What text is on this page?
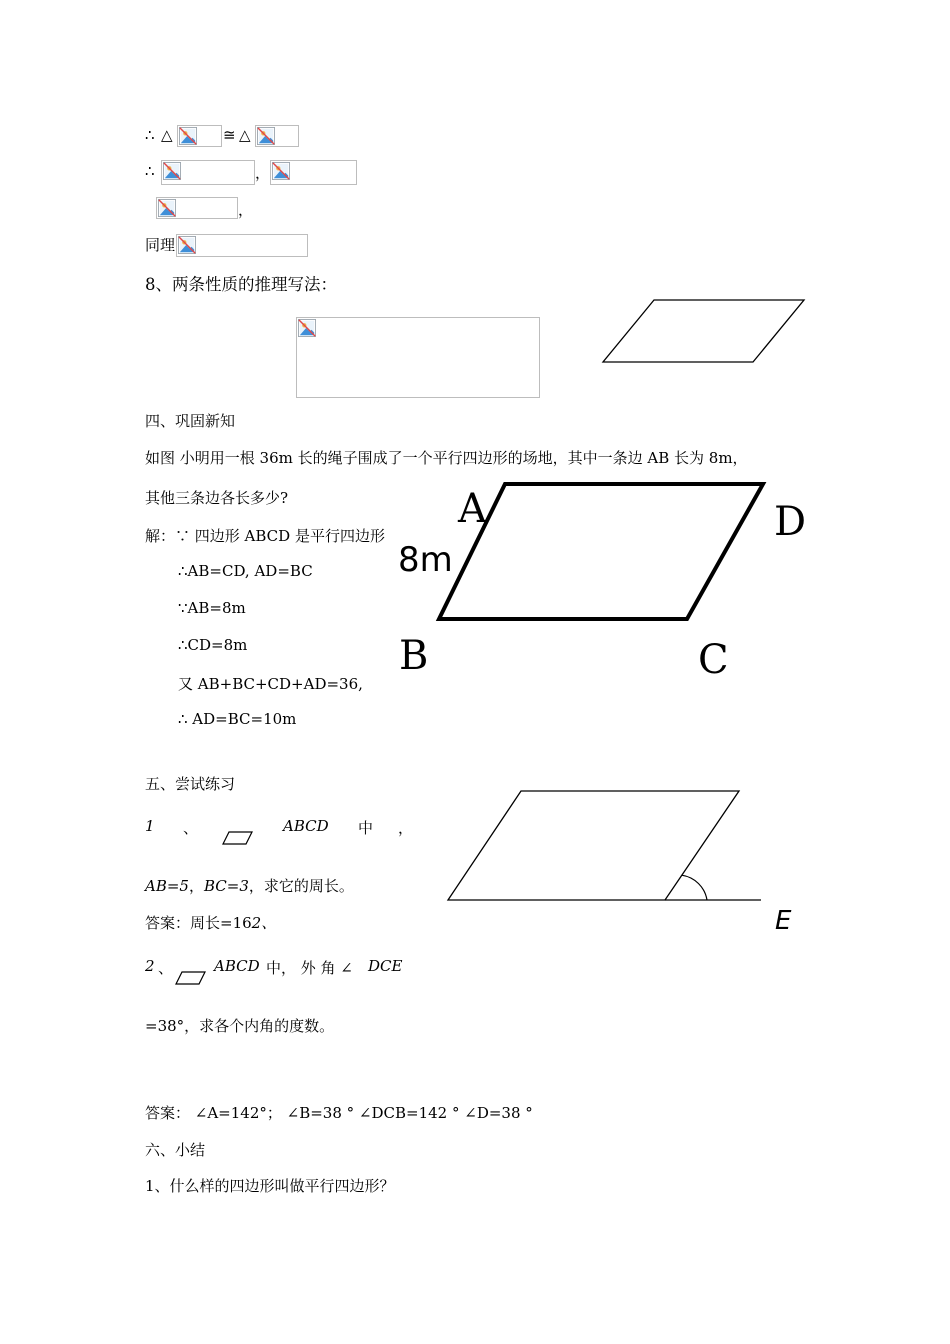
∴ △	≅ △
∴	，
，
同理
8、两条性质的推理写法：
四、巩固新知
如图 小明用一根 36m 长的绳子围成了一个平行四边形的场地，其中一条边 AB 长为 8m，
其他三条边各长多少?
解：∵ 四边形 ABCD 是平行四边形
∴AB=CD, AD=BC
∵AB=8m
∴CD=8m
又 AB+BC+CD+AD=36,
∴ AD=BC=10m
A	D
B	C
8m
五、尝试练习
1 、	ABCD 中 ，
AB=5，BC=3，求它的周长。
答案：周长=162、	E
2 、	ABCD 中， 外 角 ∠ DCE
=38°，求各个内角的度数。
答案： ∠A=142°； ∠B=38 ° ∠DCB=142 ° ∠D=38 °
六、小结
1、什么样的四边形叫做平行四边形？
